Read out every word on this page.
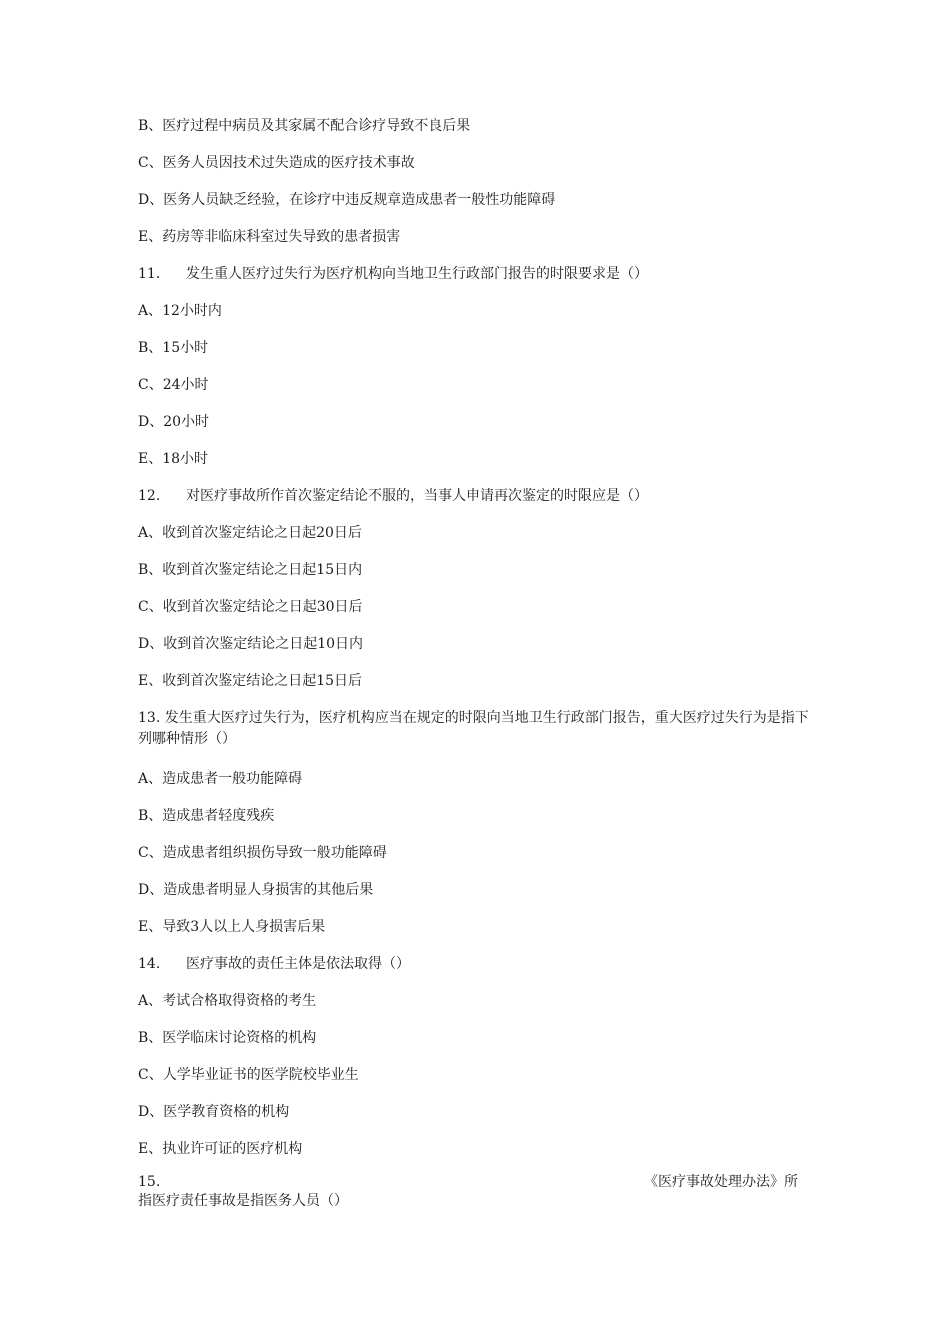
B、医疗过程中病员及其家属不配合诊疗导致不良后果
C、医务人员因技术过失造成的医疗技术事故
D、医务人员缺乏经验，在诊疗中违反规章造成患者一般性功能障碍
E、药房等非临床科室过失导致的患者损害
11. 发生重人医疗过失行为医疗机构向当地卫生行政部门报告的时限要求是（）
A、12小时内
B、15小时
C、24小时
D、20小时
E、18小时
12. 对医疗事故所作首次鉴定结论不服的，当事人申请再次鉴定的时限应是（）
A、收到首次鉴定结论之日起20日后
B、收到首次鉴定结论之日起15日内
C、收到首次鉴定结论之日起30日后
D、收到首次鉴定结论之日起10日内
E、收到首次鉴定结论之日起15日后
13. 发生重大医疗过失行为，医疗机构应当在规定的时限向当地卫生行政部门报告，重大医疗过失行为是指下列哪种情形（）
A、造成患者一般功能障碍
B、造成患者轻度残疾
C、造成患者组织损伤导致一般功能障碍
D、造成患者明显人身损害的其他后果
E、导致3人以上人身损害后果
14. 医疗事故的责任主体是依法取得（）
A、考试合格取得资格的考生
B、医学临床讨论资格的机构
C、人学毕业证书的医学院校毕业生
D、医学教育资格的机构
E、执业许可证的医疗机构
15.	《医疗事故处理办法》所
指医疗责任事故是指医务人员（）
